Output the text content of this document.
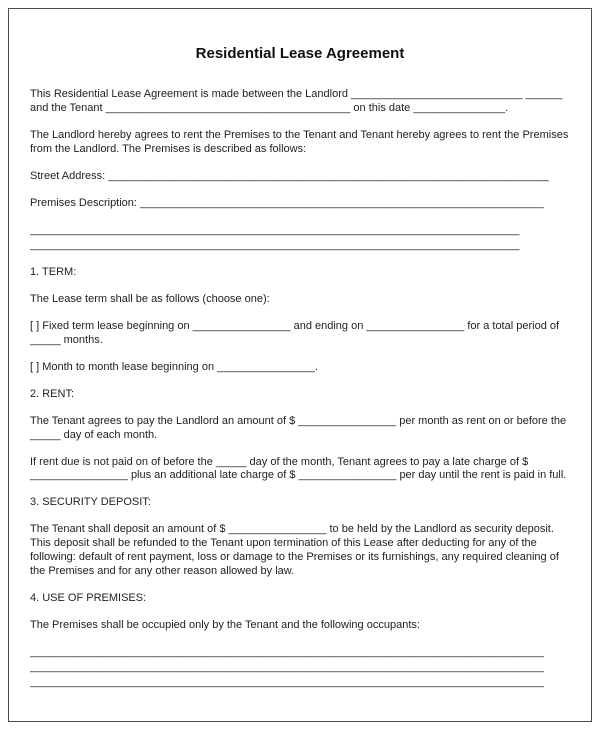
Residential Lease Agreement

This Residential Lease Agreement is made between the Landlord ____________________________ ______ and the Tenant ________________________________________ on this date _______________.

The Landlord hereby agrees to rent the Premises to the Tenant and Tenant hereby agrees to rent the Premises from the Landlord. The Premises is described as follows:

Street Address: ________________________________________________________________________

Premises Description: __________________________________________________________________

________________________________________________________________________________

________________________________________________________________________________

1. TERM:

The Lease term shall be as follows (choose one):

[ ] Fixed term lease beginning on ________________ and ending on ________________ for a total period of _____ months.

[ ] Month to month lease beginning on ________________.

2. RENT:

The Tenant agrees to pay the Landlord an amount of $ ________________ per month as rent on or before the _____ day of each month.

If rent due is not paid on of before the _____ day of the month, Tenant agrees to pay a late charge of $ ________________ plus an additional late charge of $ ________________ per day until the rent is paid in full.

3. SECURITY DEPOSIT:

The Tenant shall deposit an amount of $ ________________ to be held by the Landlord as security deposit. This deposit shall be refunded to the Tenant upon termination of this Lease after deducting for any of the following: default of rent payment, loss or damage to the Premises or its furnishings, any required cleaning of the Premises and for any other reason allowed by law.

4. USE OF PREMISES:

The Premises shall be occupied only by the Tenant and the following occupants:

____________________________________________________________________________________

____________________________________________________________________________________

____________________________________________________________________________________
